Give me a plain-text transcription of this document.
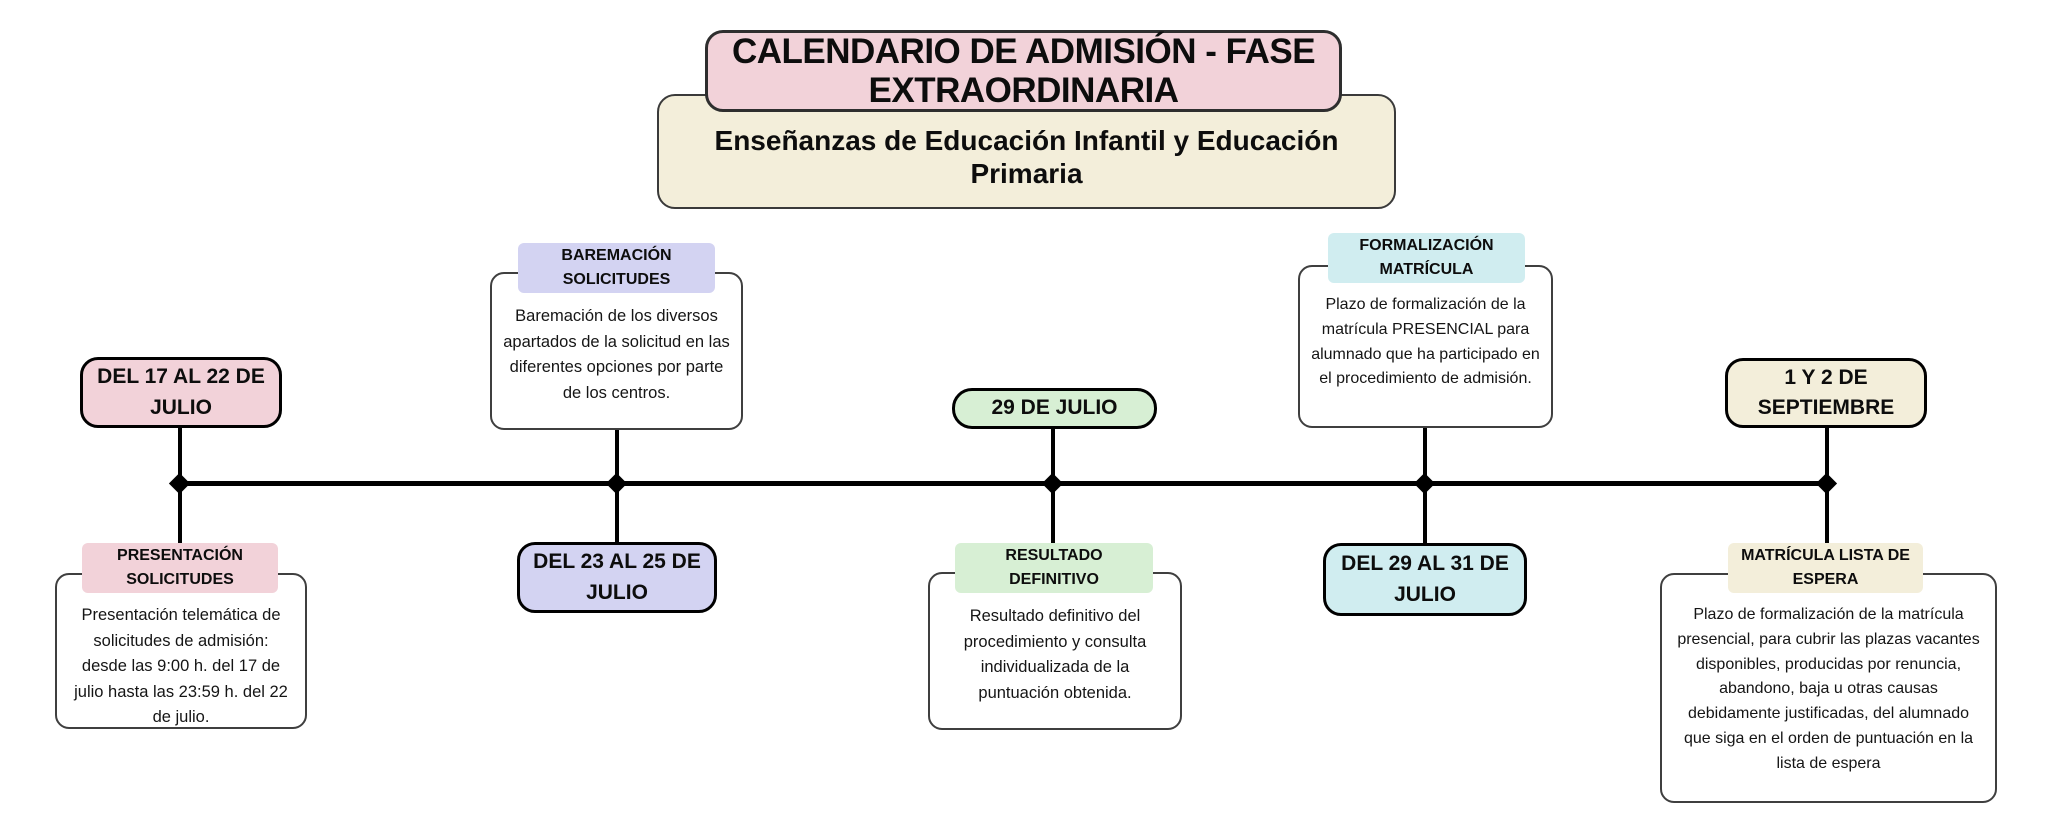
Enseñanzas de Educación Infantil y Educación Primaria
CALENDARIO DE ADMISIÓN - FASE EXTRAORDINARIA
DEL 17 AL 22 DE JULIO
Presentación telemática de solicitudes de admisión: desde las 9:00 h. del 17 de julio hasta las 23:59 h. del 22 de julio.
PRESENTACIÓN SOLICITUDES
Baremación de los diversos apartados de la solicitud en las diferentes opciones por parte de los centros.
BAREMACIÓN SOLICITUDES
DEL 23 AL 25 DE JULIO
29 DE JULIO
Resultado definitivo del procedimiento y consulta individualizada de la puntuación obtenida.
RESULTADO DEFINITIVO
Plazo de formalización de la matrícula PRESENCIAL para alumnado que ha participado en el procedimiento de admisión.
FORMALIZACIÓN MATRÍCULA
DEL 29 AL 31 DE JULIO
1 Y 2 DE SEPTIEMBRE
Plazo de formalización de la matrícula presencial, para cubrir las plazas vacantes disponibles, producidas por renuncia, abandono, baja u otras causas debidamente justificadas, del alumnado que siga en el orden de puntuación en la lista de espera
MATRÍCULA LISTA DE ESPERA
